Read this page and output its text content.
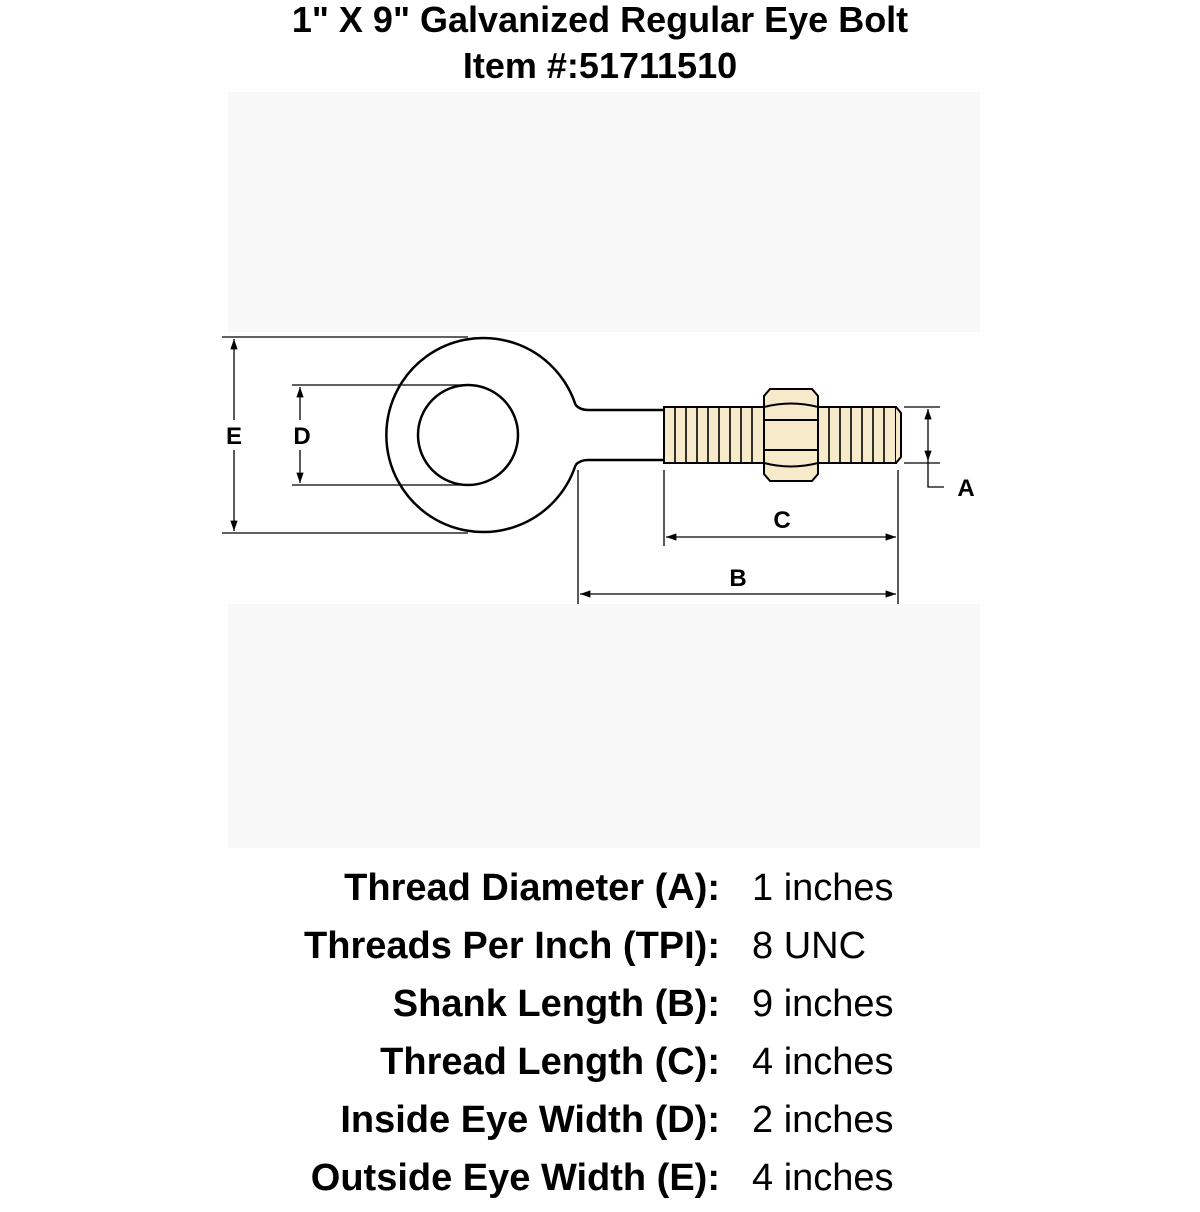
1" X 9" Galvanized Regular Eye Bolt
Item #:51711510
E D
C
B
A
Thread Diameter (A): 1 inches
Threads Per Inch (TPI): 8 UNC
Shank Length (B): 9 inches
Thread Length (C): 4 inches
Inside Eye Width (D): 2 inches
Outside Eye Width (E): 4 inches
